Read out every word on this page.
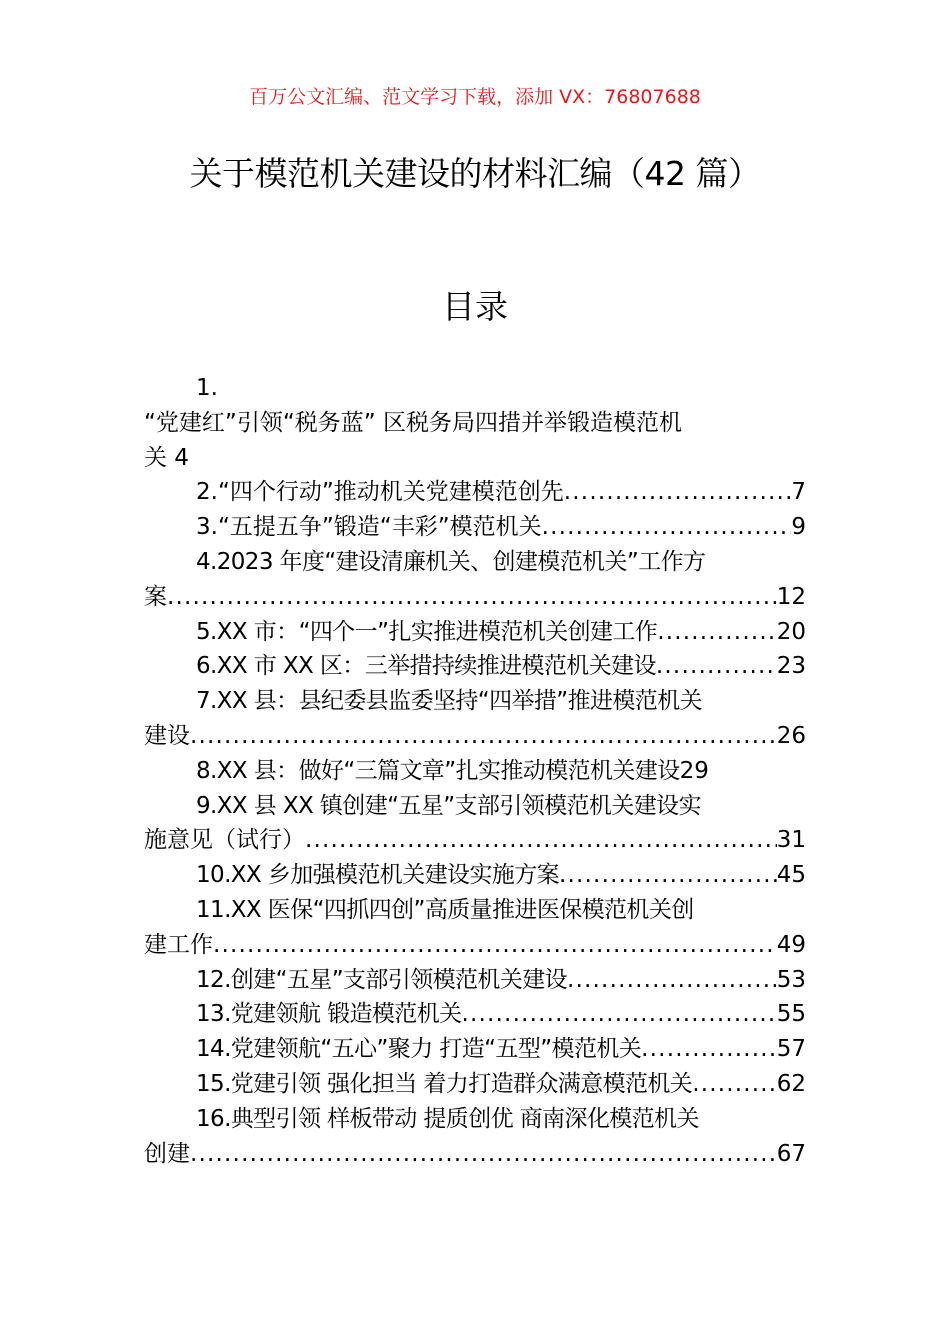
百万公文汇编、范文学习下载，添加 VX：76807688
关于模范机关建设的材料汇编（42 篇）
目录
1.
“党建红”引领“税务蓝” 区税务局四措并举锻造模范机
关 4
2.“四个行动”推动机关党建模范创先 .....	7
3.“五提五争”锻造“丰彩”模范机关 .....	9
4.2023 年度“建设清廉机关、创建模范机关”工作方
案 .....	12
5.XX 市：“四个一”扎实推进模范机关创建工作 .....	20
6.XX 市 XX 区：三举措持续推进模范机关建设 .....	23
7.XX 县：县纪委县监委坚持“四举措”推进模范机关
建设 .....	26
8.XX 县：做好“三篇文章”扎实推动模范机关建设 29
9.XX 县 XX 镇创建“五星”支部引领模范机关建设实
施意见（试行） .....	31
10.XX 乡加强模范机关建设实施方案 .....	45
11.XX 医保“四抓四创”高质量推进医保模范机关创
建工作 .....	49
12.创建“五星”支部引领模范机关建设 .....	53
13.党建领航 锻造模范机关 .....	55
14.党建领航“五心”聚力 打造“五型”模范机关 .....	57
15.党建引领 强化担当 着力打造群众满意模范机关 .....	62
16.典型引领 样板带动 提质创优 商南深化模范机关
创建 .....	67
